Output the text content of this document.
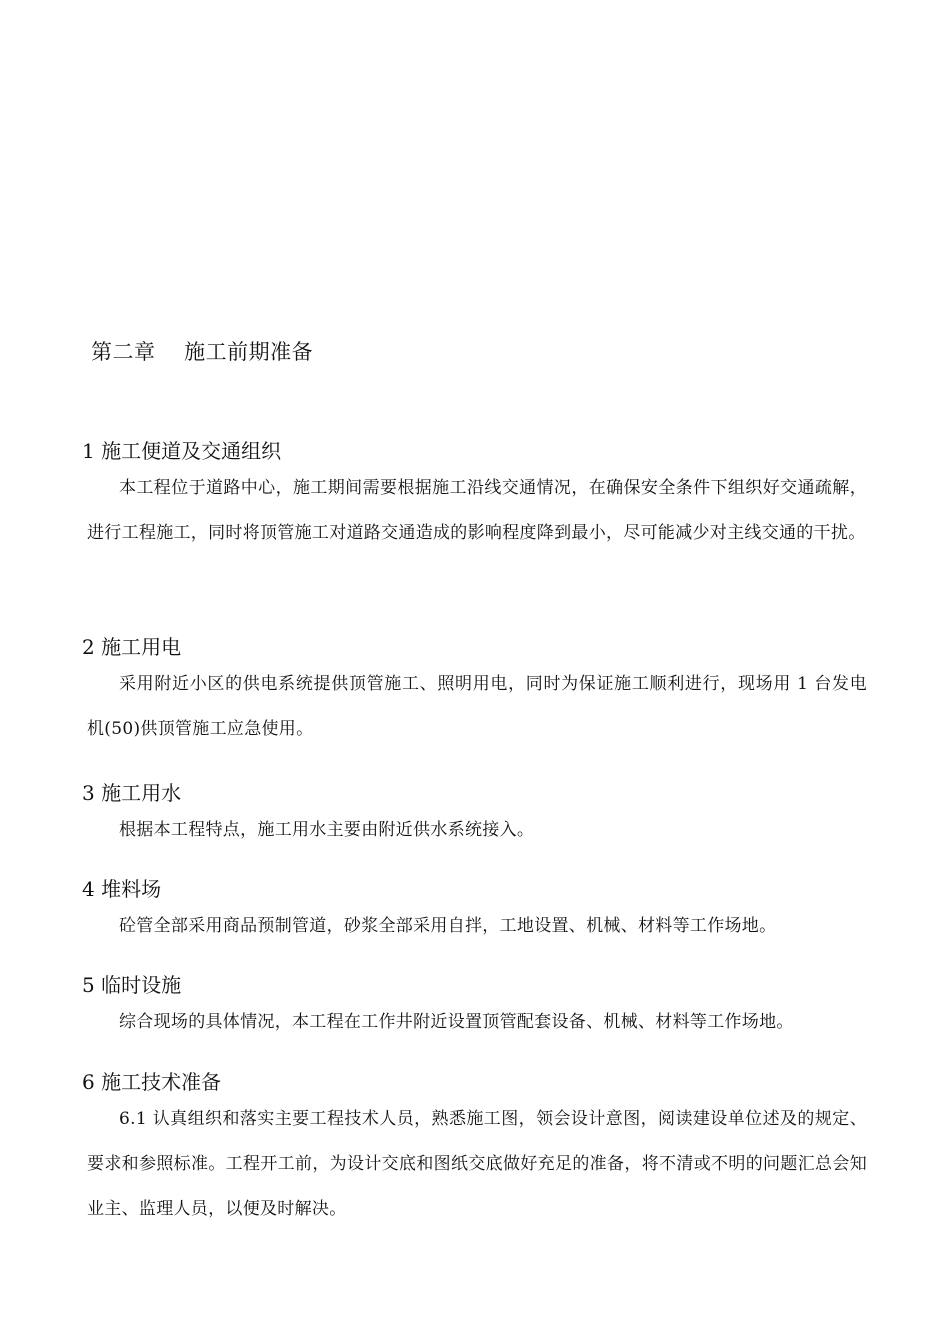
第二章　 施工前期准备
1 施工便道及交通组织
本工程位于道路中心，施工期间需要根据施工沿线交通情况，在确保安全条件下组织好交通疏解，进行工程施工，同时将顶管施工对道路交通造成的影响程度降到最小，尽可能减少对主线交通的干扰。
2 施工用电
采用附近小区的供电系统提供顶管施工、照明用电，同时为保证施工顺利进行，现场用 1 台发电机(50)供顶管施工应急使用。
3 施工用水
根据本工程特点，施工用水主要由附近供水系统接入。
4 堆料场
砼管全部采用商品预制管道，砂浆全部采用自拌，工地设置、机械、材料等工作场地。
5 临时设施
综合现场的具体情况，本工程在工作井附近设置顶管配套设备、机械、材料等工作场地。
6 施工技术准备
6.1 认真组织和落实主要工程技术人员，熟悉施工图，领会设计意图，阅读建设单位述及的规定、要求和参照标准。工程开工前，为设计交底和图纸交底做好充足的准备，将不清或不明的问题汇总会知业主、监理人员，以便及时解决。
